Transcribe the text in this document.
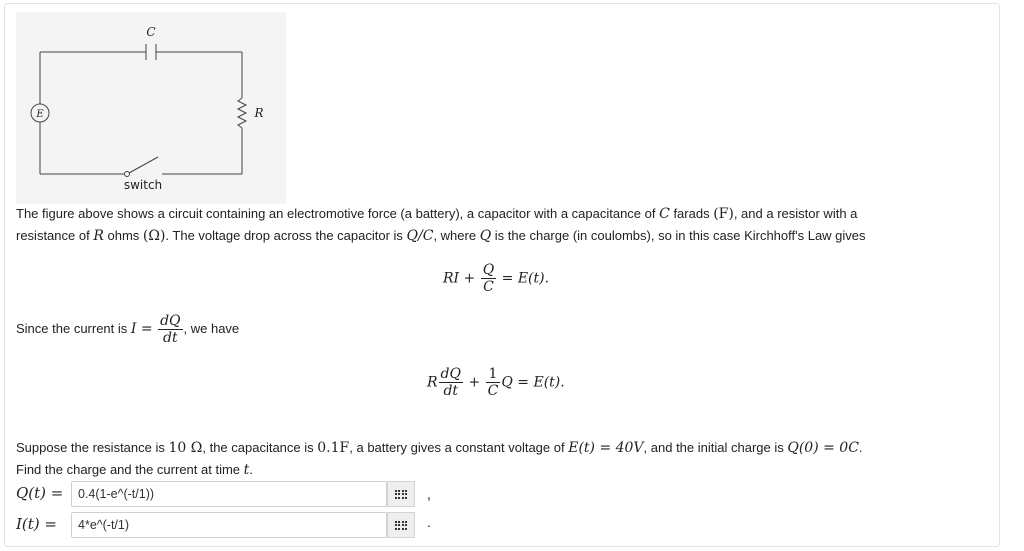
C
E	R
switch

The figure above shows a circuit containing an electromotive force (a battery), a capacitor with a capacitance of C farads (F), and a resistor with a
resistance of R ohms (Ω). The voltage drop across the capacitor is Q/C, where Q is the charge (in coulombs), so in this case Kirchhoff's Law gives

RI + $\frac{Q}{C} = E(t)$.

Since the current is $I = \frac{dQ}{dt}$ , we have

R $\frac{dQ}{dt} + \frac{1}{C}$ Q = E(t).

Suppose the resistance is 10 Ω, the capacitance is 0.1F, a battery gives a constant voltage of E(t) = 40V, and the initial charge is Q(0) = 0C.
Find the charge and the current at time t.

Q(t) =
0.4(1-e^(-t/1))	,
I(t) =
4*e^(-t/1)	.
